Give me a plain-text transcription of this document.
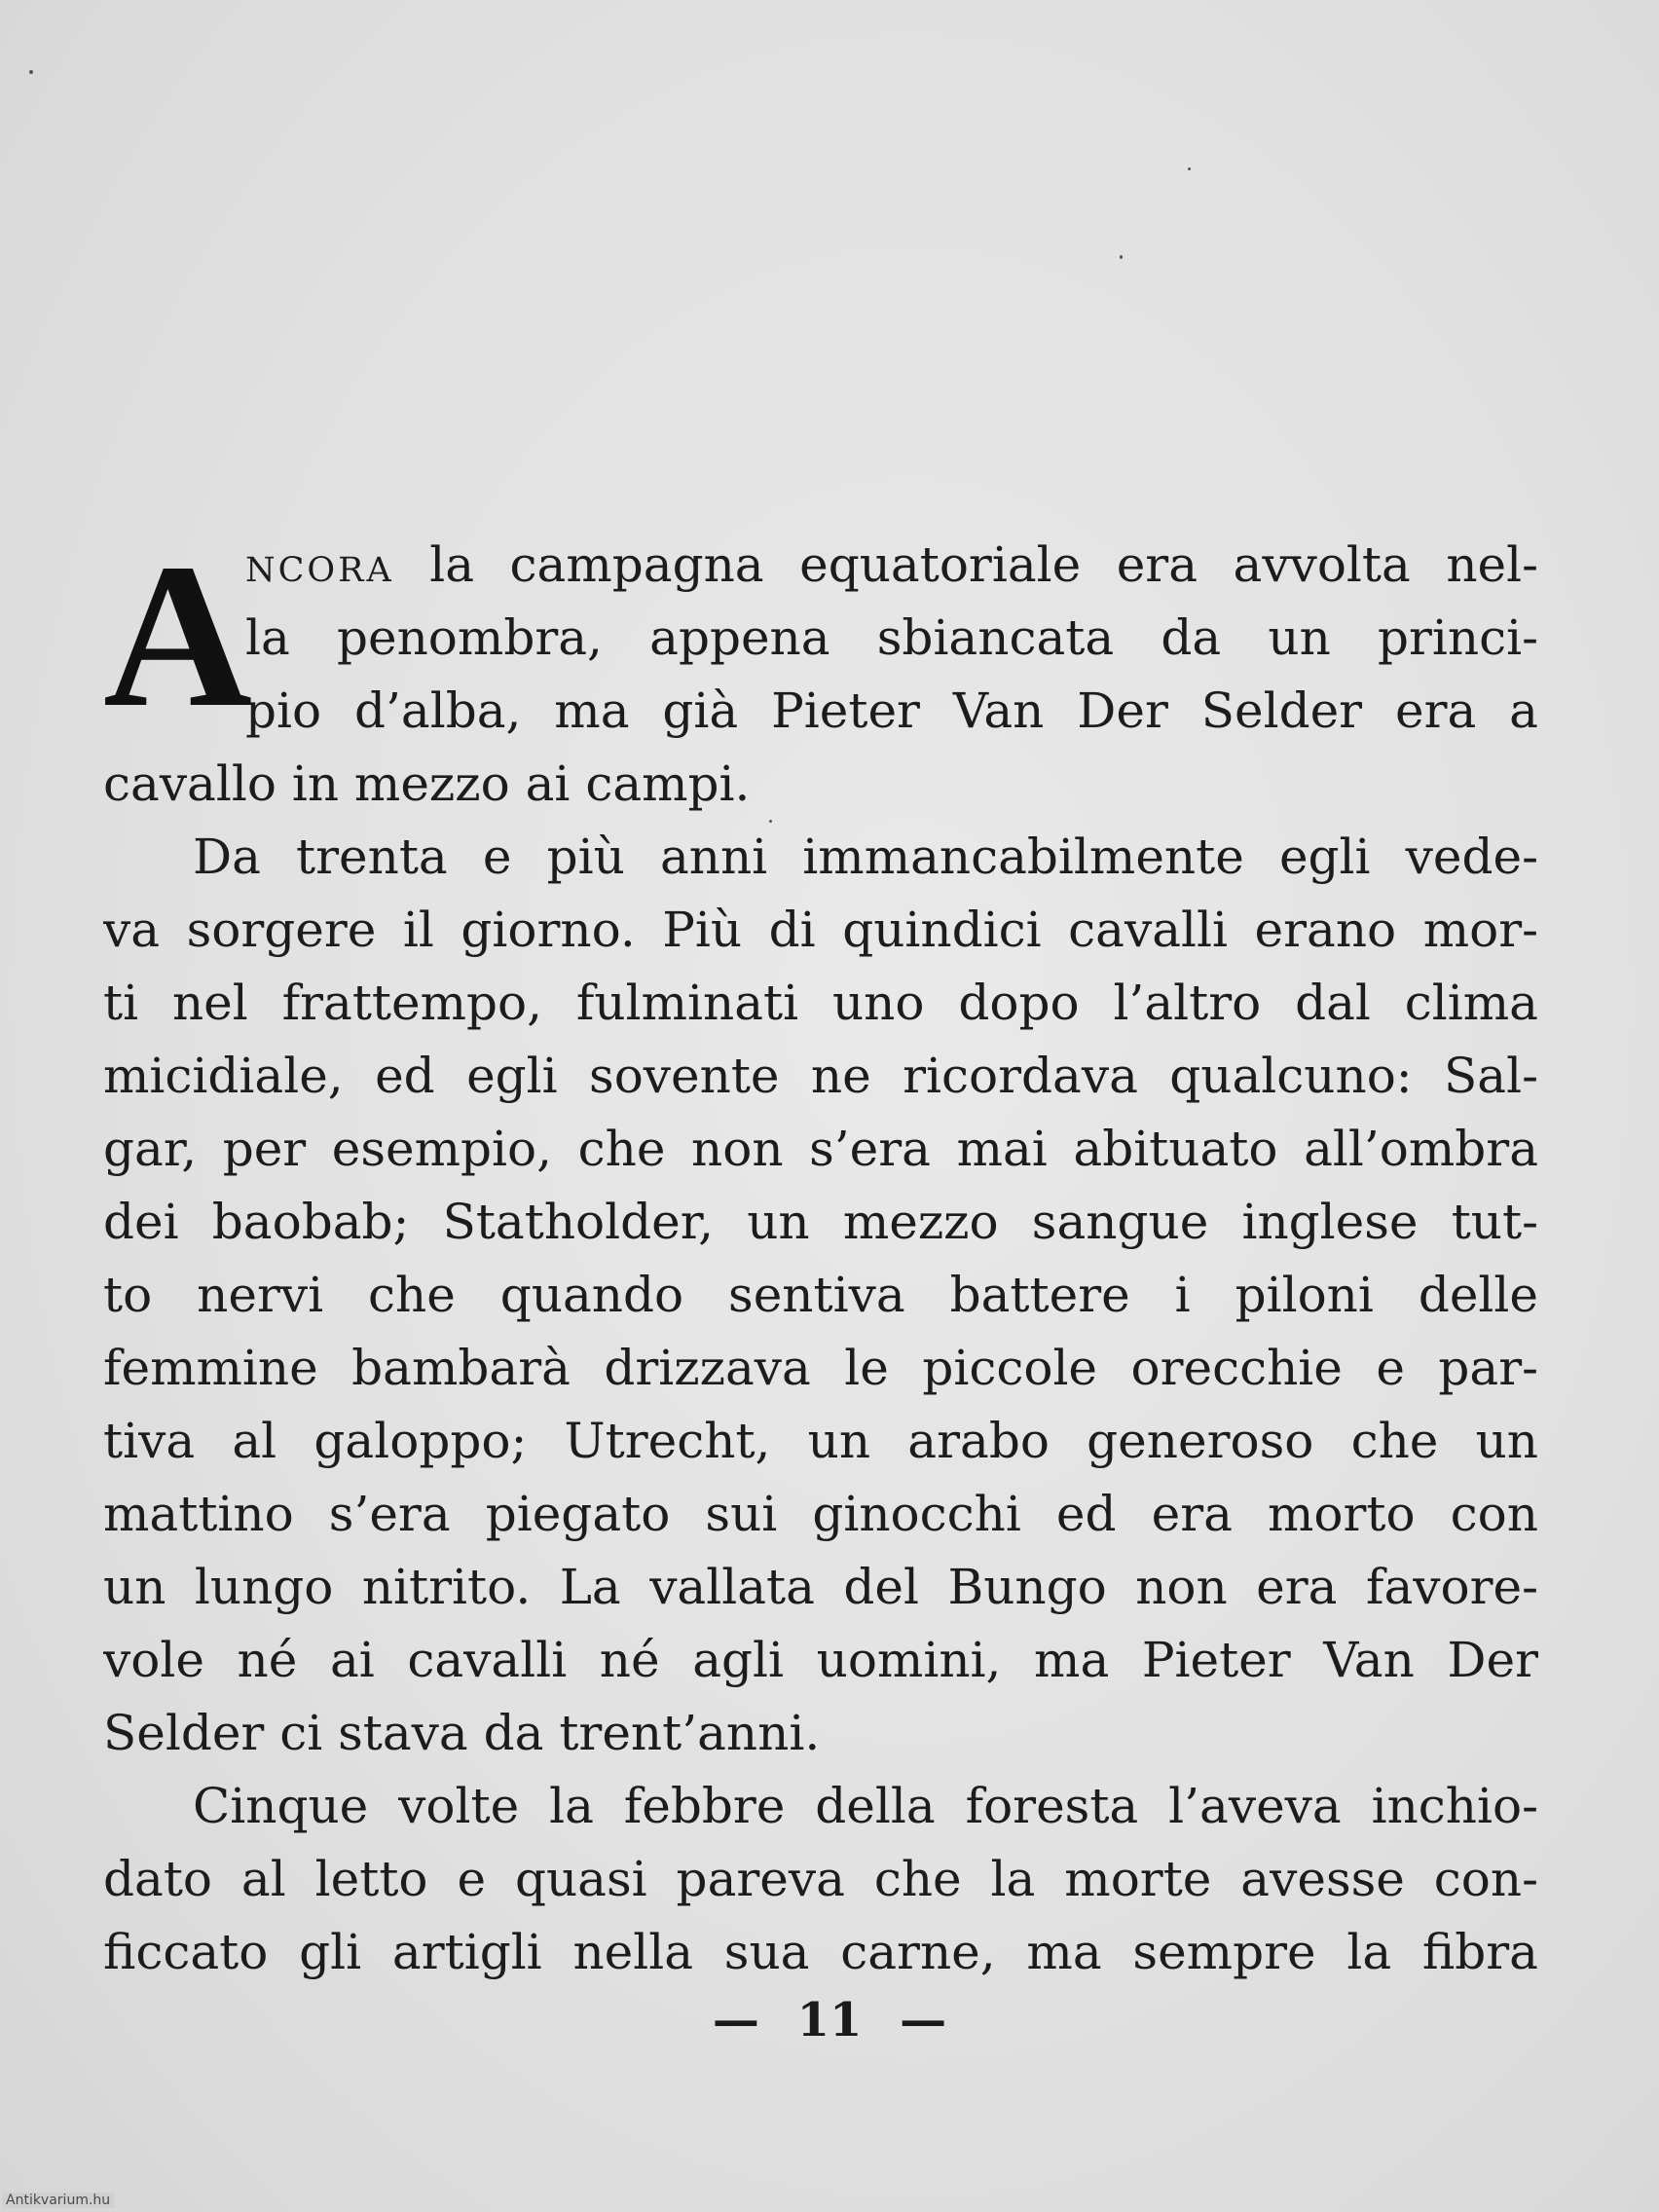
A
ncora la campagna equatoriale era avvolta nel-
la penombra, appena sbiancata da un princi-
pio d’alba, ma già Pieter Van Der Selder era a
cavallo in mezzo ai campi.
Da trenta e più anni immancabilmente egli vede-
va sorgere il giorno. Più di quindici cavalli erano mor-
ti nel frattempo, fulminati uno dopo l’altro dal clima
micidiale, ed egli sovente ne ricordava qualcuno: Sal-
gar, per esempio, che non s’era mai abituato all’ombra
dei baobab; Statholder, un mezzo sangue inglese tut-
to nervi che quando sentiva battere i piloni delle
femmine bambarà drizzava le piccole orecchie e par-
tiva al galoppo; Utrecht, un arabo generoso che un
mattino s’era piegato sui ginocchi ed era morto con
un lungo nitrito. La vallata del Bungo non era favore-
vole né ai cavalli né agli uomini, ma Pieter Van Der
Selder ci stava da trent’anni.
Cinque volte la febbre della foresta l’aveva inchio-
dato al letto e quasi pareva che la morte avesse con-
ficcato gli artigli nella sua carne, ma sempre la fibra
— 11 —
Antikvarium.hu
